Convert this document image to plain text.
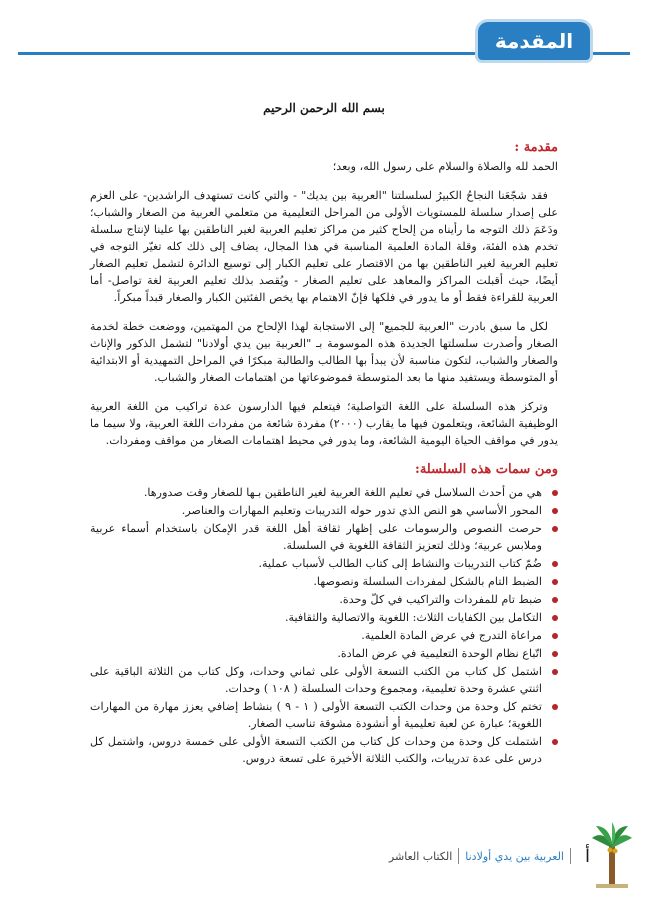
المقدمة
بسم الله الرحمن الرحيم
مقدمة :
الحمد لله والصلاة والسلام على رسول الله، وبعد؛

فقد شجّعَنا النجاحُ الكبيرُ لسلسلتنا "العربية بين يديك" - والتي كانت تستهدف الراشدين- على العزم على إصدار سلسلة للمستويات الأولى من المراحل التعليمية من متعلمي العربية من الصغار والشباب؛ ودَعَمَ ذلك التوجه ما رأيناه من إلحاح كثير من مراكز تعليم العربية لغير الناطقين بها علينا لإنتاج سلسلة تخدم هذه الفئة، وقلة المادة العلمية المناسبة في هذا المجال، يضاف إلى ذلك كله تغيّر التوجه في تعليم العربية لغير الناطقين بها من الاقتصار على تعليم الكبار إلى توسيع الدائرة لتشمل تعليم الصغار أيضًا، حيث أقبلت المراكز والمعاهد على تعليم الصغار - ويُقصد بذلك تعليم العربية لغة تواصل- أما العربية للقراءة فقط أو ما يدور في فلكها فإنّ الاهتمام بها يخص الفئتين الكبار والصغار قبداً مبكراً.

لكل ما سبق بادرت "العربية للجميع" إلى الاستجابة لهذا الإلحاح من المهتمين، ووضعت خطة لخدمة الصغار وأصدرت سلسلتها الجديدة هذه الموسومة بـ "العربية بين يدي أولادنا" لتشمل الذكور والإناث والصغار والشباب، لتكون مناسبة لأن يبدأ بها الطالب والطالبة مبكرًا في المراحل التمهيدية أو الابتدائية أو المتوسطة ويستفيد منها ما بعد المتوسطة فموضوعاتها من اهتمامات الصغار والشباب.

وتركز هذه السلسلة على اللغة التواصلية؛ فيتعلم فيها الدارسون عدة تراكيب من اللغة العربية الوظيفية الشائعة، ويتعلمون فيها ما يقارب (٢٠٠٠) مفردة شائعة من مفردات اللغة العربية، ولا سيما ما يدور في مواقف الحياة اليومية الشائعة، وما يدور في محيط اهتمامات الصغار من مواقف ومفردات.

ومن سمات هذه السلسلة:
هي من أحدث السلاسل في تعليم اللغة العربية لغير الناطقين بـها للصغار وقت صدورها.
المحور الأساسي هو النص الذي تدور حوله التدريبات وتعليم المهارات والعناصر.
حرصت النصوص والرسومات على إظهار ثقافة أهل اللغة قدر الإمكان باستخدام أسماء عربية وملابس عربية؛ وذلك لتعزيز الثقافة اللغوية في السلسلة.
ضُمّ كتاب التدريبات والنشاط إلى كتاب الطالب لأسباب عملية.
الضبط التام بالشكل لمفردات السلسلة ونصوصها.
ضبط تام للمفردات والتراكيب في كلّ وحدة.
التكامل بين الكفايات الثلاث: اللغوية والاتصالية والثقافية.
مراعاة التدرج في عرض المادة العلمية.
اتّباع نظام الوحدة التعليمية في عرض المادة.
اشتمل كل كتاب من الكتب التسعة الأولى على ثماني وحدات، وكل كتاب من الثلاثة الباقية على اثنتي عشرة وحدة تعليمية، ومجموع وحدات السلسلة ( ١٠٨ ) وحدات.
تختم كل وحدة من وحدات الكتب التسعة الأولى ( ١ - ٩ ) بنشاط إضافي يعزز مهارة من المهارات اللغوية؛ عبارة عن لعبة تعليمية أو أنشودة مشوقة تناسب الصغار.
اشتملت كل وحدة من وحدات كل كتاب من الكتب التسعة الأولى على خمسة دروس، واشتمل كل درس على عدة تدريبات، والكتب الثلاثة الأخيرة على تسعة دروس.
أ
العربية بين يدي أولادنا
الكتاب العاشر
